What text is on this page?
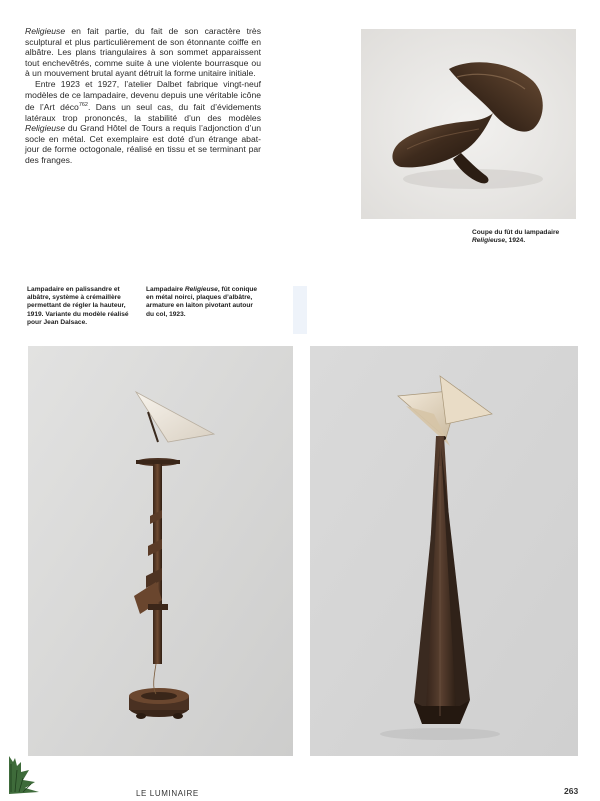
Religieuse en fait partie, du fait de son caractère très sculptural et plus particulièrement de son étonnante coiffe en albâtre. Les plans triangulaires à son sommet apparaissent tout enchevêtrés, comme suite à une violente bourrasque ou à un mouvement brutal ayant détruit la forme unitaire initiale.

Entre 1923 et 1927, l’atelier Dalbet fabrique vingt-neuf modèles de ce lampadaire, devenu depuis une véritable icône de l’Art déco$^{762}$. Dans un seul cas, du fait d’évidements latéraux trop prononcés, la stabilité d’un des modèles Religieuse du Grand Hôtel de Tours a requis l’adjonction d’un socle en métal. Cet exemplaire est doté d’un étrange abat-jour de forme octogonale, réalisé en tissu et se terminant par des franges.

Coupe du fût du lampadaire
Religieuse, 1924.
Lampadaire en palissandre et albâtre, système à crémaillère permettant de régler la hauteur, 1919. Variante du modèle réalisé pour Jean Dalsace.
Lampadaire Religieuse, fût conique en métal noirci, plaques d’albâtre, armature en laiton pivotant autour du col, 1923.
LE LUMINAIRE	263
